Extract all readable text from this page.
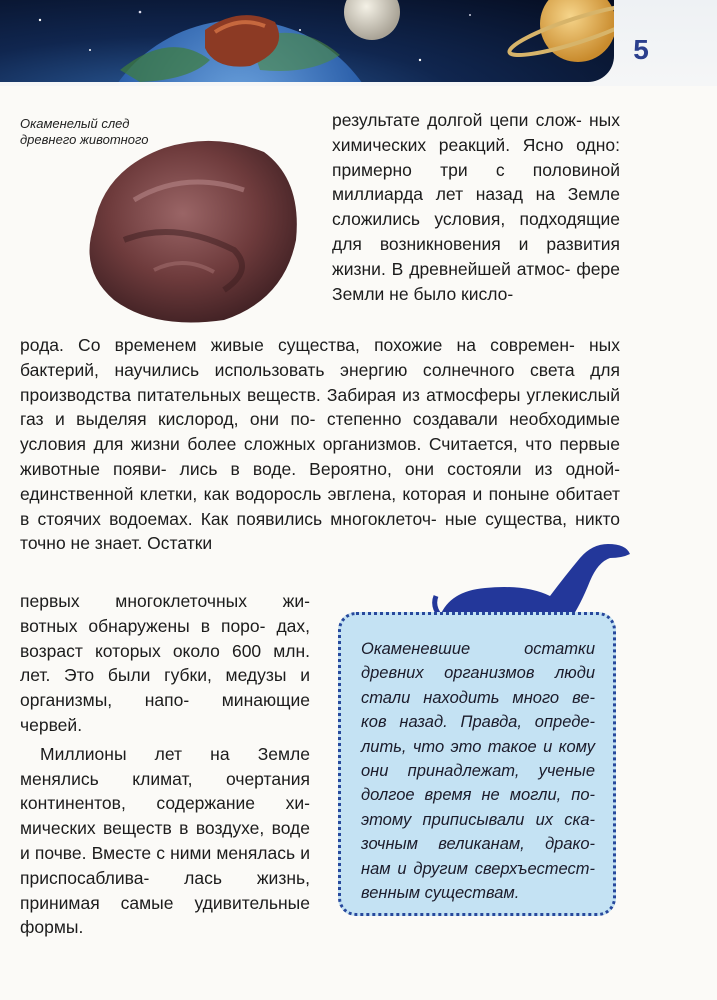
5
Окаменелый след древнего животного
результате долгой цепи слож- ных химических реакций. Ясно одно: примерно три с половиной миллиарда лет назад на Земле сложились условия, подходящие для возникновения и развития жизни. В древнейшей атмос- фере Земли не было кисло-
рода. Со временем живые существа, похожие на современ- ных бактерий, научились использовать энергию солнечного света для производства питательных веществ. Забирая из атмосферы углекислый газ и выделяя кислород, они по- степенно создавали необходимые условия для жизни более сложных организмов. Считается, что первые животные появи- лись в воде. Вероятно, они состояли из одной-единственной клетки, как водоросль эвглена, которая и поныне обитает в стоячих водоемах. Как появились многоклеточ- ные существа, никто точно не знает. Остатки

первых многоклеточных жи- вотных обнаружены в поро- дах, возраст которых около 600 млн. лет. Это были губки, медузы и организмы, напо- минающие червей.

Миллионы лет на Земле менялись климат, очертания континентов, содержание хи- мических веществ в воздухе, воде и почве. Вместе с ними менялась и приспосаблива- лась жизнь, принимая самые удивительные формы.

Окаменевшие остатки древних организмов люди стали находить много ве- ков назад. Правда, опреде- лить, что это такое и кому они принадлежат, ученые долгое время не могли, по- этому приписывали их ска- зочным великанам, драко- нам и другим сверхъестест- венным существам.
